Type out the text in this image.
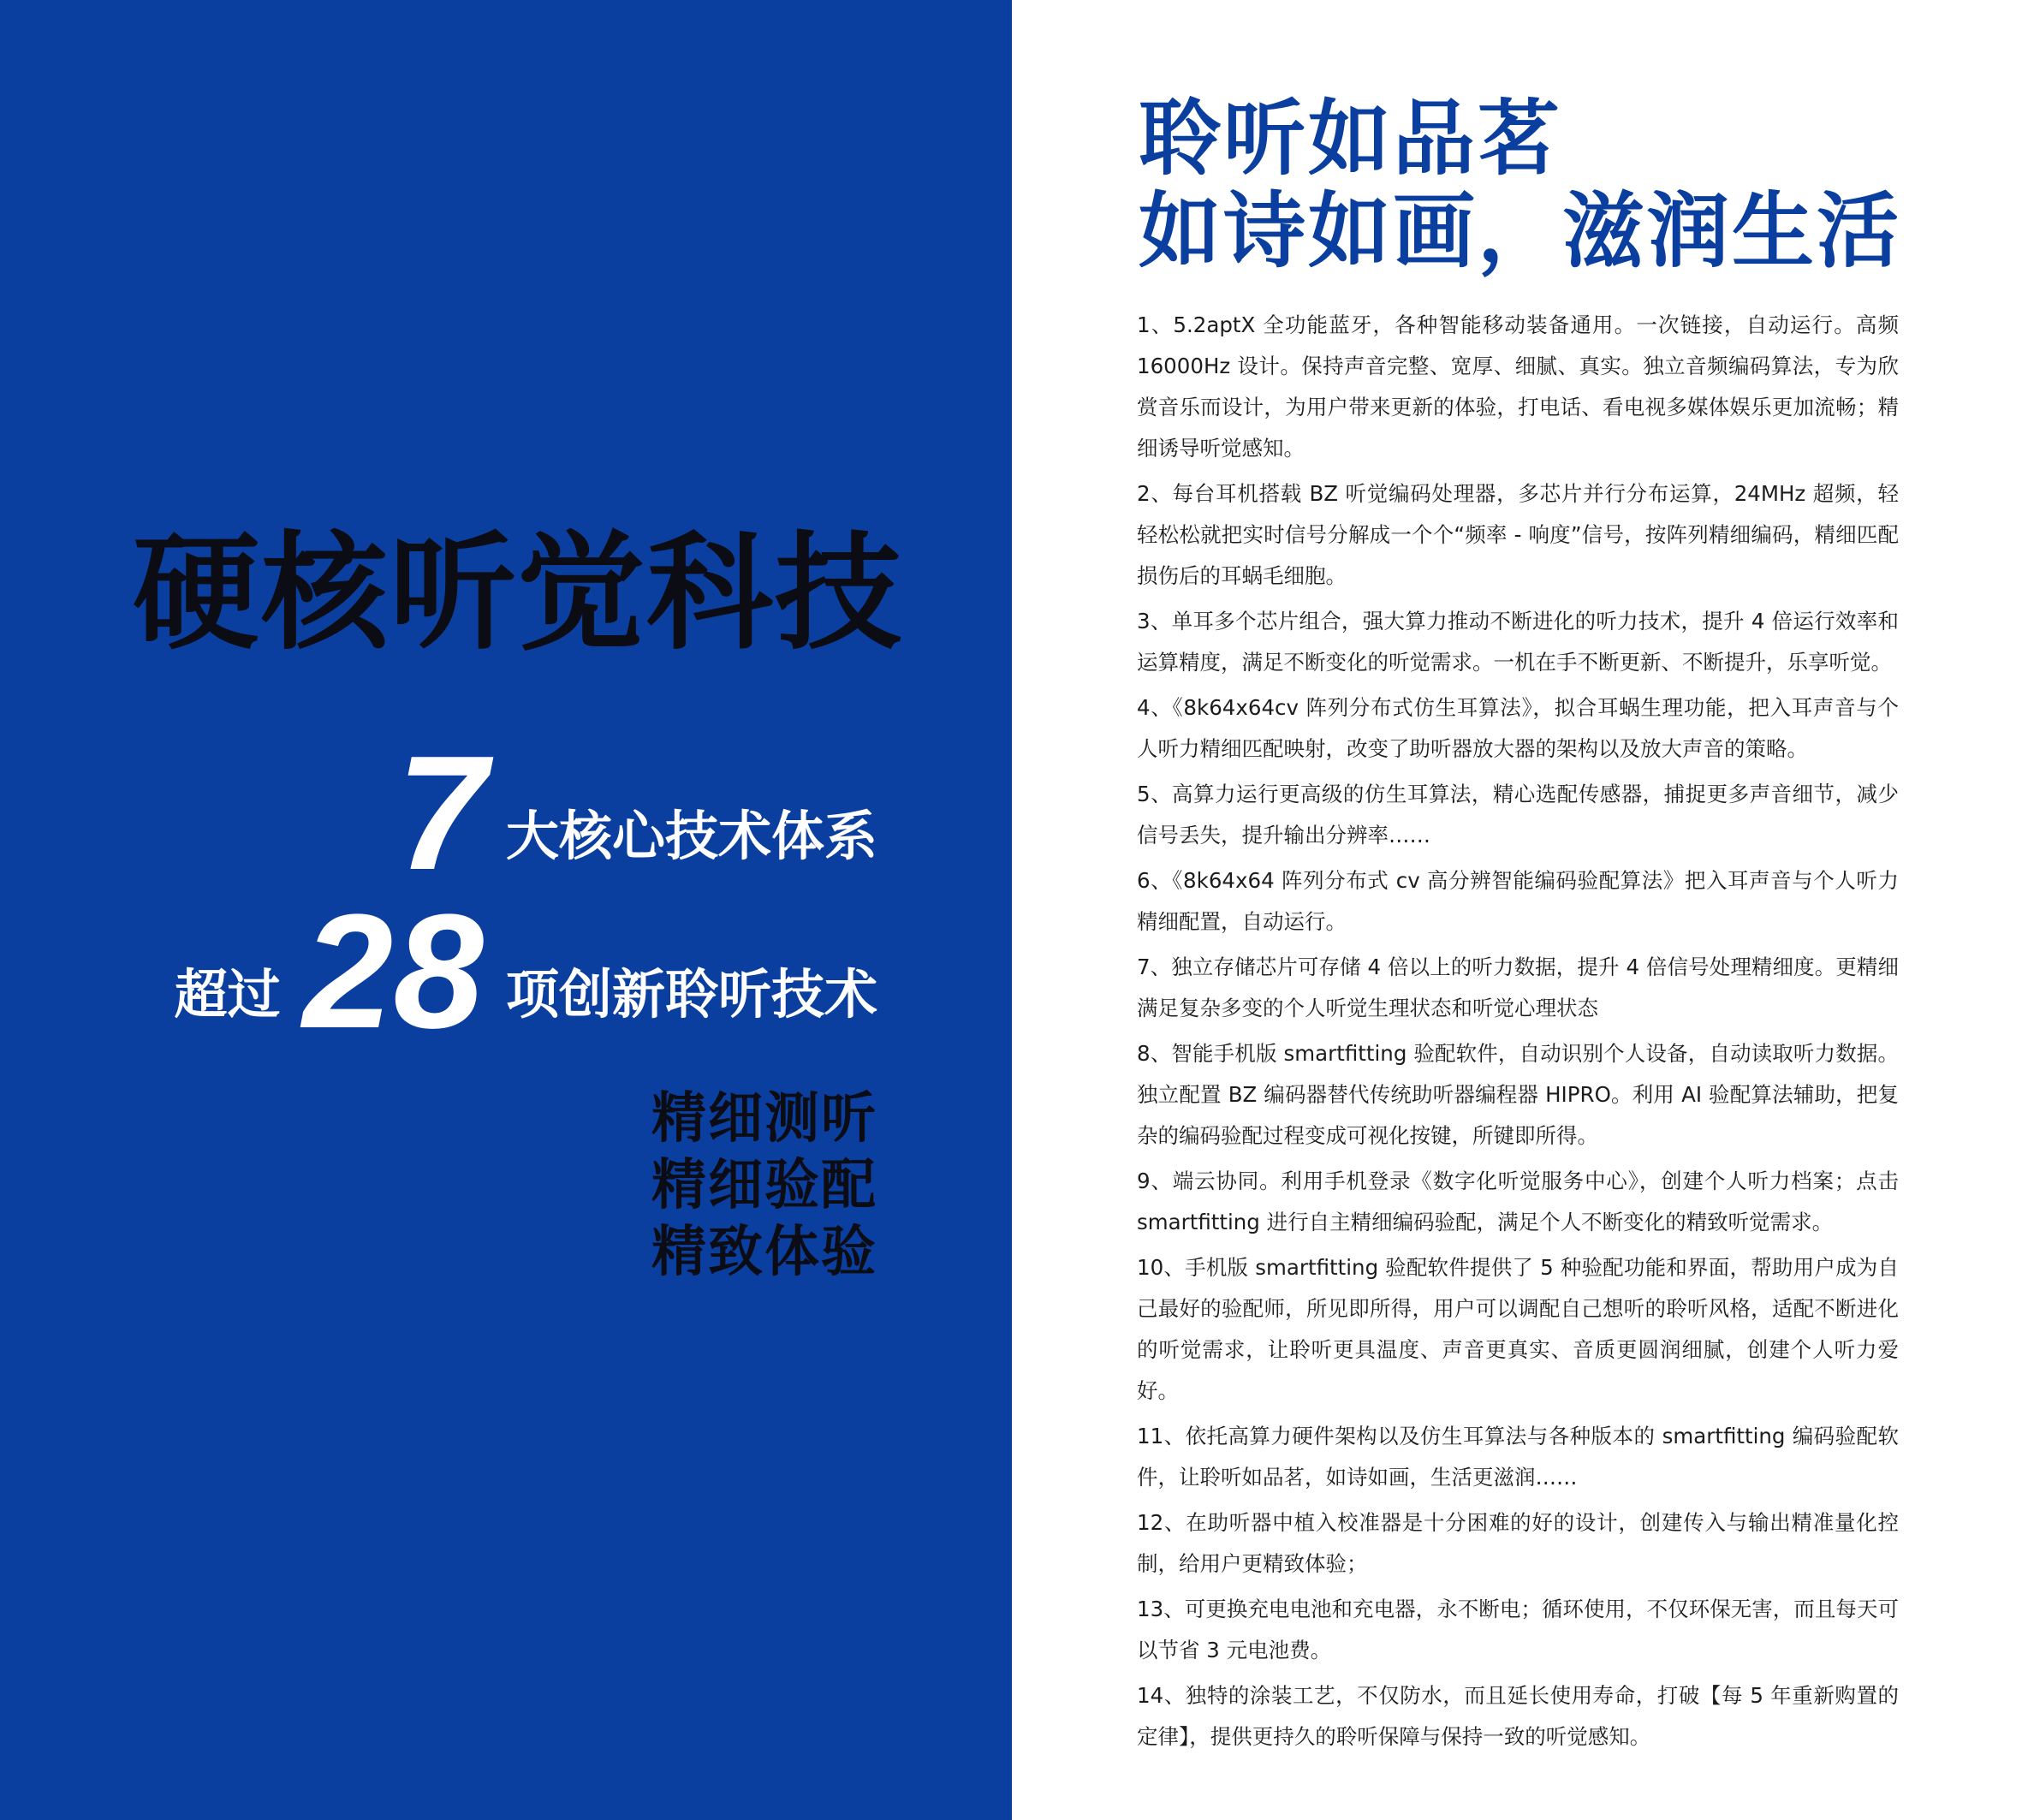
硬核听觉科技
7 大核心技术体系
超过 28 项创新聆听技术
精细测听
精细验配
精致体验
聆听如品茗
如诗如画，滋润生活

1、5.2aptX 全功能蓝牙，各种智能移动装备通用。一次链接，自动运行。高频 16000Hz 设计。保持声音完整、宽厚、细腻、真实。独立音频编码算法，专为欣赏音乐而设计，为用户带来更新的体验，打电话、看电视多媒体娱乐更加流畅；精细诱导听觉感知。

2、每台耳机搭载 BZ 听觉编码处理器，多芯片并行分布运算，24MHz 超频，轻轻松松就把实时信号分解成一个个“频率 - 响度”信号，按阵列精细编码，精细匹配损伤后的耳蜗毛细胞。

3、单耳多个芯片组合，强大算力推动不断进化的听力技术，提升 4 倍运行效率和运算精度，满足不断变化的听觉需求。一机在手不断更新、不断提升，乐享听觉。

4、《8k64x64cv 阵列分布式仿生耳算法》，拟合耳蜗生理功能，把入耳声音与个人听力精细匹配映射，改变了助听器放大器的架构以及放大声音的策略。

5、高算力运行更高级的仿生耳算法，精心选配传感器，捕捉更多声音细节，减少信号丢失，提升输出分辨率……

6、《8k64x64 阵列分布式 cv 高分辨智能编码验配算法》把入耳声音与个人听力精细配置，自动运行。

7、独立存储芯片可存储 4 倍以上的听力数据，提升 4 倍信号处理精细度。更精细满足复杂多变的个人听觉生理状态和听觉心理状态

8、智能手机版 smartfitting 验配软件，自动识别个人设备，自动读取听力数据。独立配置 BZ 编码器替代传统助听器编程器 HIPRO。利用 AI 验配算法辅助，把复杂的编码验配过程变成可视化按键，所键即所得。

9、端云协同。利用手机登录《数字化听觉服务中心》，创建个人听力档案；点击 smartfitting 进行自主精细编码验配，满足个人不断变化的精致听觉需求。

10、手机版 smartfitting 验配软件提供了 5 种验配功能和界面，帮助用户成为自己最好的验配师，所见即所得，用户可以调配自己想听的聆听风格，适配不断进化的听觉需求，让聆听更具温度、声音更真实、音质更圆润细腻，创建个人听力爱好。

11、依托高算力硬件架构以及仿生耳算法与各种版本的 smartfitting 编码验配软件，让聆听如品茗，如诗如画，生活更滋润……

12、在助听器中植入校准器是十分困难的好的设计，创建传入与输出精准量化控制，给用户更精致体验；

13、可更换充电电池和充电器，永不断电；循环使用，不仅环保无害，而且每天可以节省 3 元电池费。

14、独特的涂装工艺，不仅防水，而且延长使用寿命，打破【每 5 年重新购置的定律】，提供更持久的聆听保障与保持一致的听觉感知。
